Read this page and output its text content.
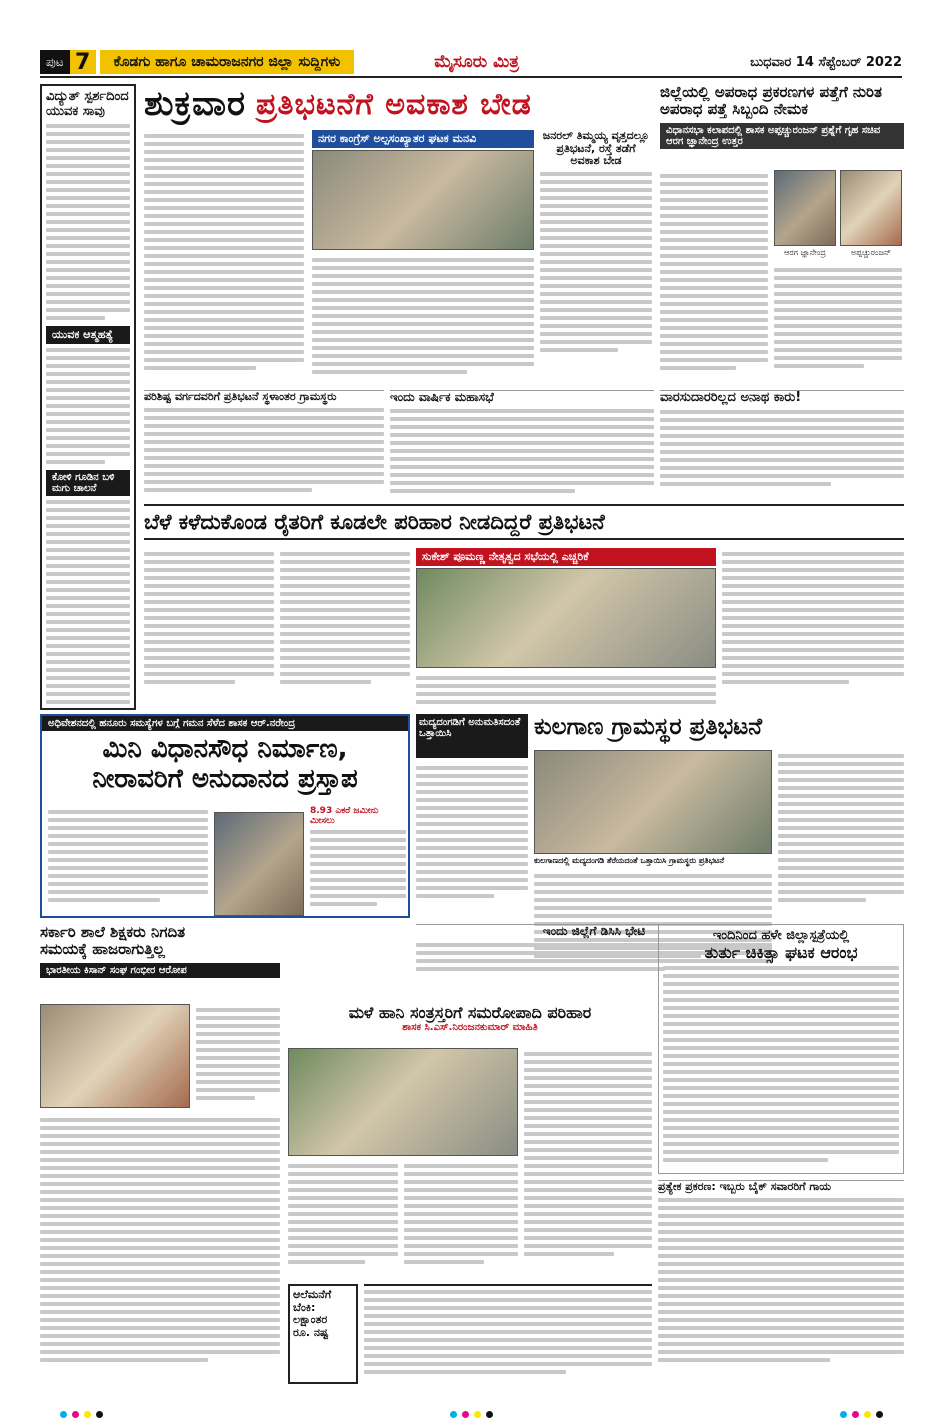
ಪುಟ 7	ಕೊಡಗು ಹಾಗೂ ಚಾಮರಾಜನಗರ ಜಿಲ್ಲಾ ಸುದ್ದಿಗಳು	ಮೈಸೂರು ಮಿತ್ರ	ಬುಧವಾರ 14 ಸೆಪ್ಟೆಂಬರ್ 2022
ವಿದ್ಯುತ್ ಸ್ಪರ್ಶದಿಂದ ಯುವಕ ಸಾವು
ಯುವಕ ಆತ್ಮಹತ್ಯೆ
ಕೋಳಿ ಗೂಡಿನ ಬಳಿ ಮಗು ಚಾಲನೆ
ಶುಕ್ರವಾರ ಪ್ರತಿಭಟನೆಗೆ ಅವಕಾಶ ಬೇಡ
ನಗರ ಕಾಂಗ್ರೆಸ್ ಅಲ್ಪಸಂಖ್ಯಾತರ ಘಟಕ ಮನವಿ	ಜನರಲ್ ತಿಮ್ಮಯ್ಯ ವೃತ್ತದಲ್ಲೂ ಪ್ರತಿಭಟನೆ, ರಸ್ತೆ ತಡೆಗೆ ಅವಕಾಶ ಬೇಡ
ಜಿಲ್ಲೆಯಲ್ಲಿ ಅಪರಾಧ ಪ್ರಕರಣಗಳ ಪತ್ತೆಗೆ ನುರಿತ ಅಪರಾಧ ಪತ್ತೆ ಸಿಬ್ಬಂದಿ ನೇಮಕ
ವಿಧಾನಸಭಾ ಕಲಾಪದಲ್ಲಿ ಶಾಸಕ ಅಪ್ಪಚ್ಚುರಂಜನ್ ಪ್ರಶ್ನೆಗೆ ಗೃಹ ಸಚಿವ ಆರಗ ಜ್ಞಾನೇಂದ್ರ ಉತ್ತರ
ಆರಗ ಜ್ಞಾನೇಂದ್ರ	ಅಪ್ಪಚ್ಚುರಂಜನ್
ಪರಿಶಿಷ್ಟ ವರ್ಗದವರಿಗೆ ಪ್ರತಿಭಟನೆ ಸ್ಥಳಾಂತರ ಗ್ರಾಮಸ್ಥರು	ಇಂದು ವಾರ್ಷಿಕ ಮಹಾಸಭೆ	ವಾರಸುದಾರರಿಲ್ಲದ ಅನಾಥ ಕಾರು!
ಬೆಳೆ ಕಳೆದುಕೊಂಡ ರೈತರಿಗೆ ಕೂಡಲೇ ಪರಿಹಾರ ನೀಡದಿದ್ದರೆ ಪ್ರತಿಭಟನೆ
ಸುಕೇಶ್ ಪೂಮಣ್ಣ ನೇತೃತ್ವದ ಸಭೆಯಲ್ಲಿ ಎಚ್ಚರಿಕೆ
ಅಧಿವೇಶನದಲ್ಲಿ ಹನೂರು ಸಮಸ್ಯೆಗಳ ಬಗ್ಗೆ ಗಮನ ಸೆಳೆದ ಶಾಸಕ ಆರ್.ನರೇಂದ್ರ
ಮಿನಿ ವಿಧಾನಸೌಧ ನಿರ್ಮಾಣ,
ನೀರಾವರಿಗೆ ಅನುದಾನದ ಪ್ರಸ್ತಾಪ
8.93 ಎಕರೆ ಜಮೀನು ಮೀಸಲು
ಮದ್ಯದಂಗಡಿಗೆ ಅನುಮತಿಸದಂತೆ
ಒತ್ತಾಯಿಸಿ	ಕುಲಗಾಣ ಗ್ರಾಮಸ್ಥರ ಪ್ರತಿಭಟನೆ
ಕುಲಗಾಣದಲ್ಲಿ ಮದ್ಯದಂಗಡಿ ತೆರೆಯದಂತೆ ಒತ್ತಾಯಿಸಿ ಗ್ರಾಮಸ್ಥರು ಪ್ರತಿಭಟನೆ
ಇಂದು ಜಿಲ್ಲೆಗೆ ಡಿಸಿಸಿ ಭೇಟಿ	ಇಂದಿನಿಂದ ಹಳೇ ಜಿಲ್ಲಾಸ್ಪತ್ರೆಯಲ್ಲಿ
ತುರ್ತು ಚಿಕಿತ್ಸಾ ಘಟಕ ಆರಂಭ
ಸರ್ಕಾರಿ ಶಾಲೆ ಶಿಕ್ಷಕರು ನಿಗದಿತ
ಸಮಯಕ್ಕೆ ಹಾಜರಾಗುತ್ತಿಲ್ಲ
ಭಾರತೀಯ ಕಿಸಾನ್ ಸಂಘ ಗಂಭೀರ ಆರೋಪ
ಮಳೆ ಹಾನಿ ಸಂತ್ರಸ್ತರಿಗೆ ಸಮರೋಪಾದಿ ಪರಿಹಾರ
ಶಾಸಕ ಸಿ.ಎಸ್.ನಿರಂಜನಕುಮಾರ್ ಮಾಹಿತಿ
ಪ್ರತ್ಯೇಕ ಪ್ರಕರಣ: ಇಬ್ಬರು ಬೈಕ್ ಸವಾರರಿಗೆ ಗಾಯ
ಆಲೆಮನೆಗೆ
ಬೆಂಕಿ:
ಲಕ್ಷಾಂತರ
ರೂ. ನಷ್ಟ
